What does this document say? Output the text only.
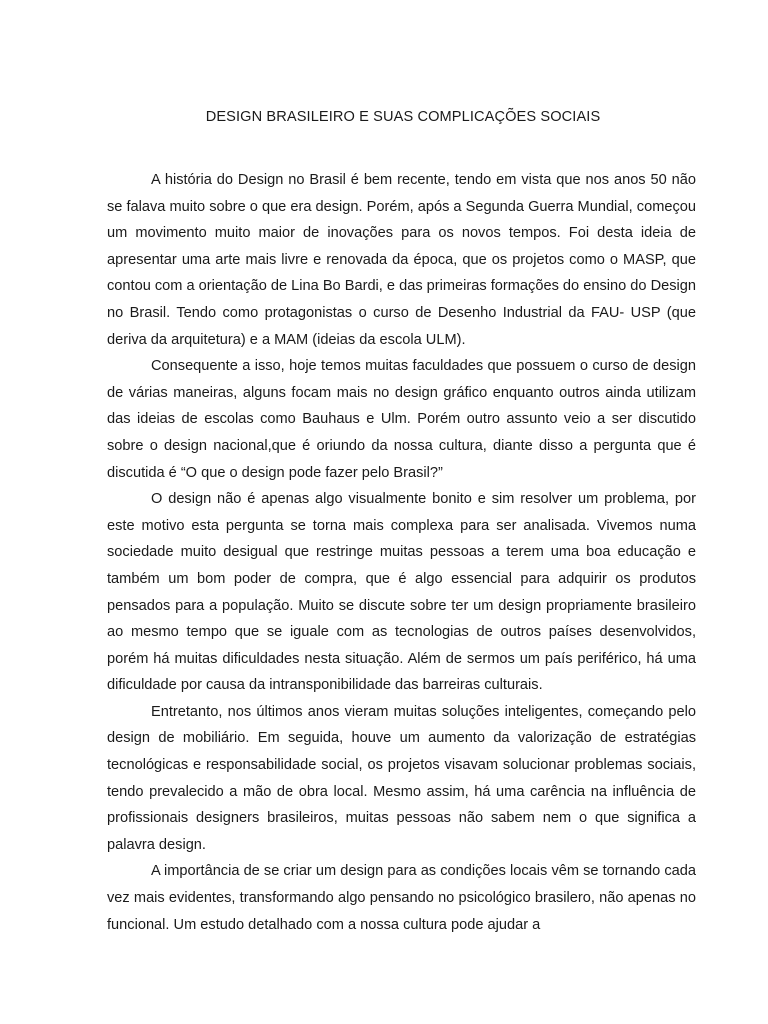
DESIGN BRASILEIRO E SUAS COMPLICAÇÕES SOCIAIS

A história do Design no Brasil é bem recente, tendo em vista que nos anos 50 não se falava muito sobre o que era design. Porém, após a Segunda Guerra Mundial, começou um movimento muito maior de inovações para os novos tempos. Foi desta ideia de apresentar uma arte mais livre e renovada da época, que os projetos como o MASP, que contou com a orientação de Lina Bo Bardi, e das primeiras formações do ensino do Design no Brasil. Tendo como protagonistas o curso de Desenho Industrial da FAU- USP (que deriva da arquitetura) e a MAM (ideias da escola ULM).

Consequente a isso, hoje temos muitas faculdades que possuem o curso de design de várias maneiras, alguns focam mais no design gráfico enquanto outros ainda utilizam das ideias de escolas como Bauhaus e Ulm. Porém outro assunto veio a ser discutido sobre o design nacional,que é oriundo da nossa cultura, diante disso a pergunta que é discutida é “O que o design pode fazer pelo Brasil?”

O design não é apenas algo visualmente bonito e sim resolver um problema, por este motivo esta pergunta se torna mais complexa para ser analisada. Vivemos numa sociedade muito desigual que restringe muitas pessoas a terem uma boa educação e também um bom poder de compra, que é algo essencial para adquirir os produtos pensados para a população. Muito se discute sobre ter um design propriamente brasileiro ao mesmo tempo que se iguale com as tecnologias de outros países desenvolvidos, porém há muitas dificuldades nesta situação. Além de sermos um país periférico, há uma dificuldade por causa da intransponibilidade das barreiras culturais.

Entretanto, nos últimos anos vieram muitas soluções inteligentes, começando pelo design de mobiliário. Em seguida, houve um aumento da valorização de estratégias tecnológicas e responsabilidade social, os projetos visavam solucionar problemas sociais, tendo prevalecido a mão de obra local. Mesmo assim, há uma carência na influência de profissionais designers brasileiros, muitas pessoas não sabem nem o que significa a palavra design.

A importância de se criar um design para as condições locais vêm se tornando cada vez mais evidentes, transformando algo pensando no psicológico brasilero, não apenas no funcional. Um estudo detalhado com a nossa cultura pode ajudar a
